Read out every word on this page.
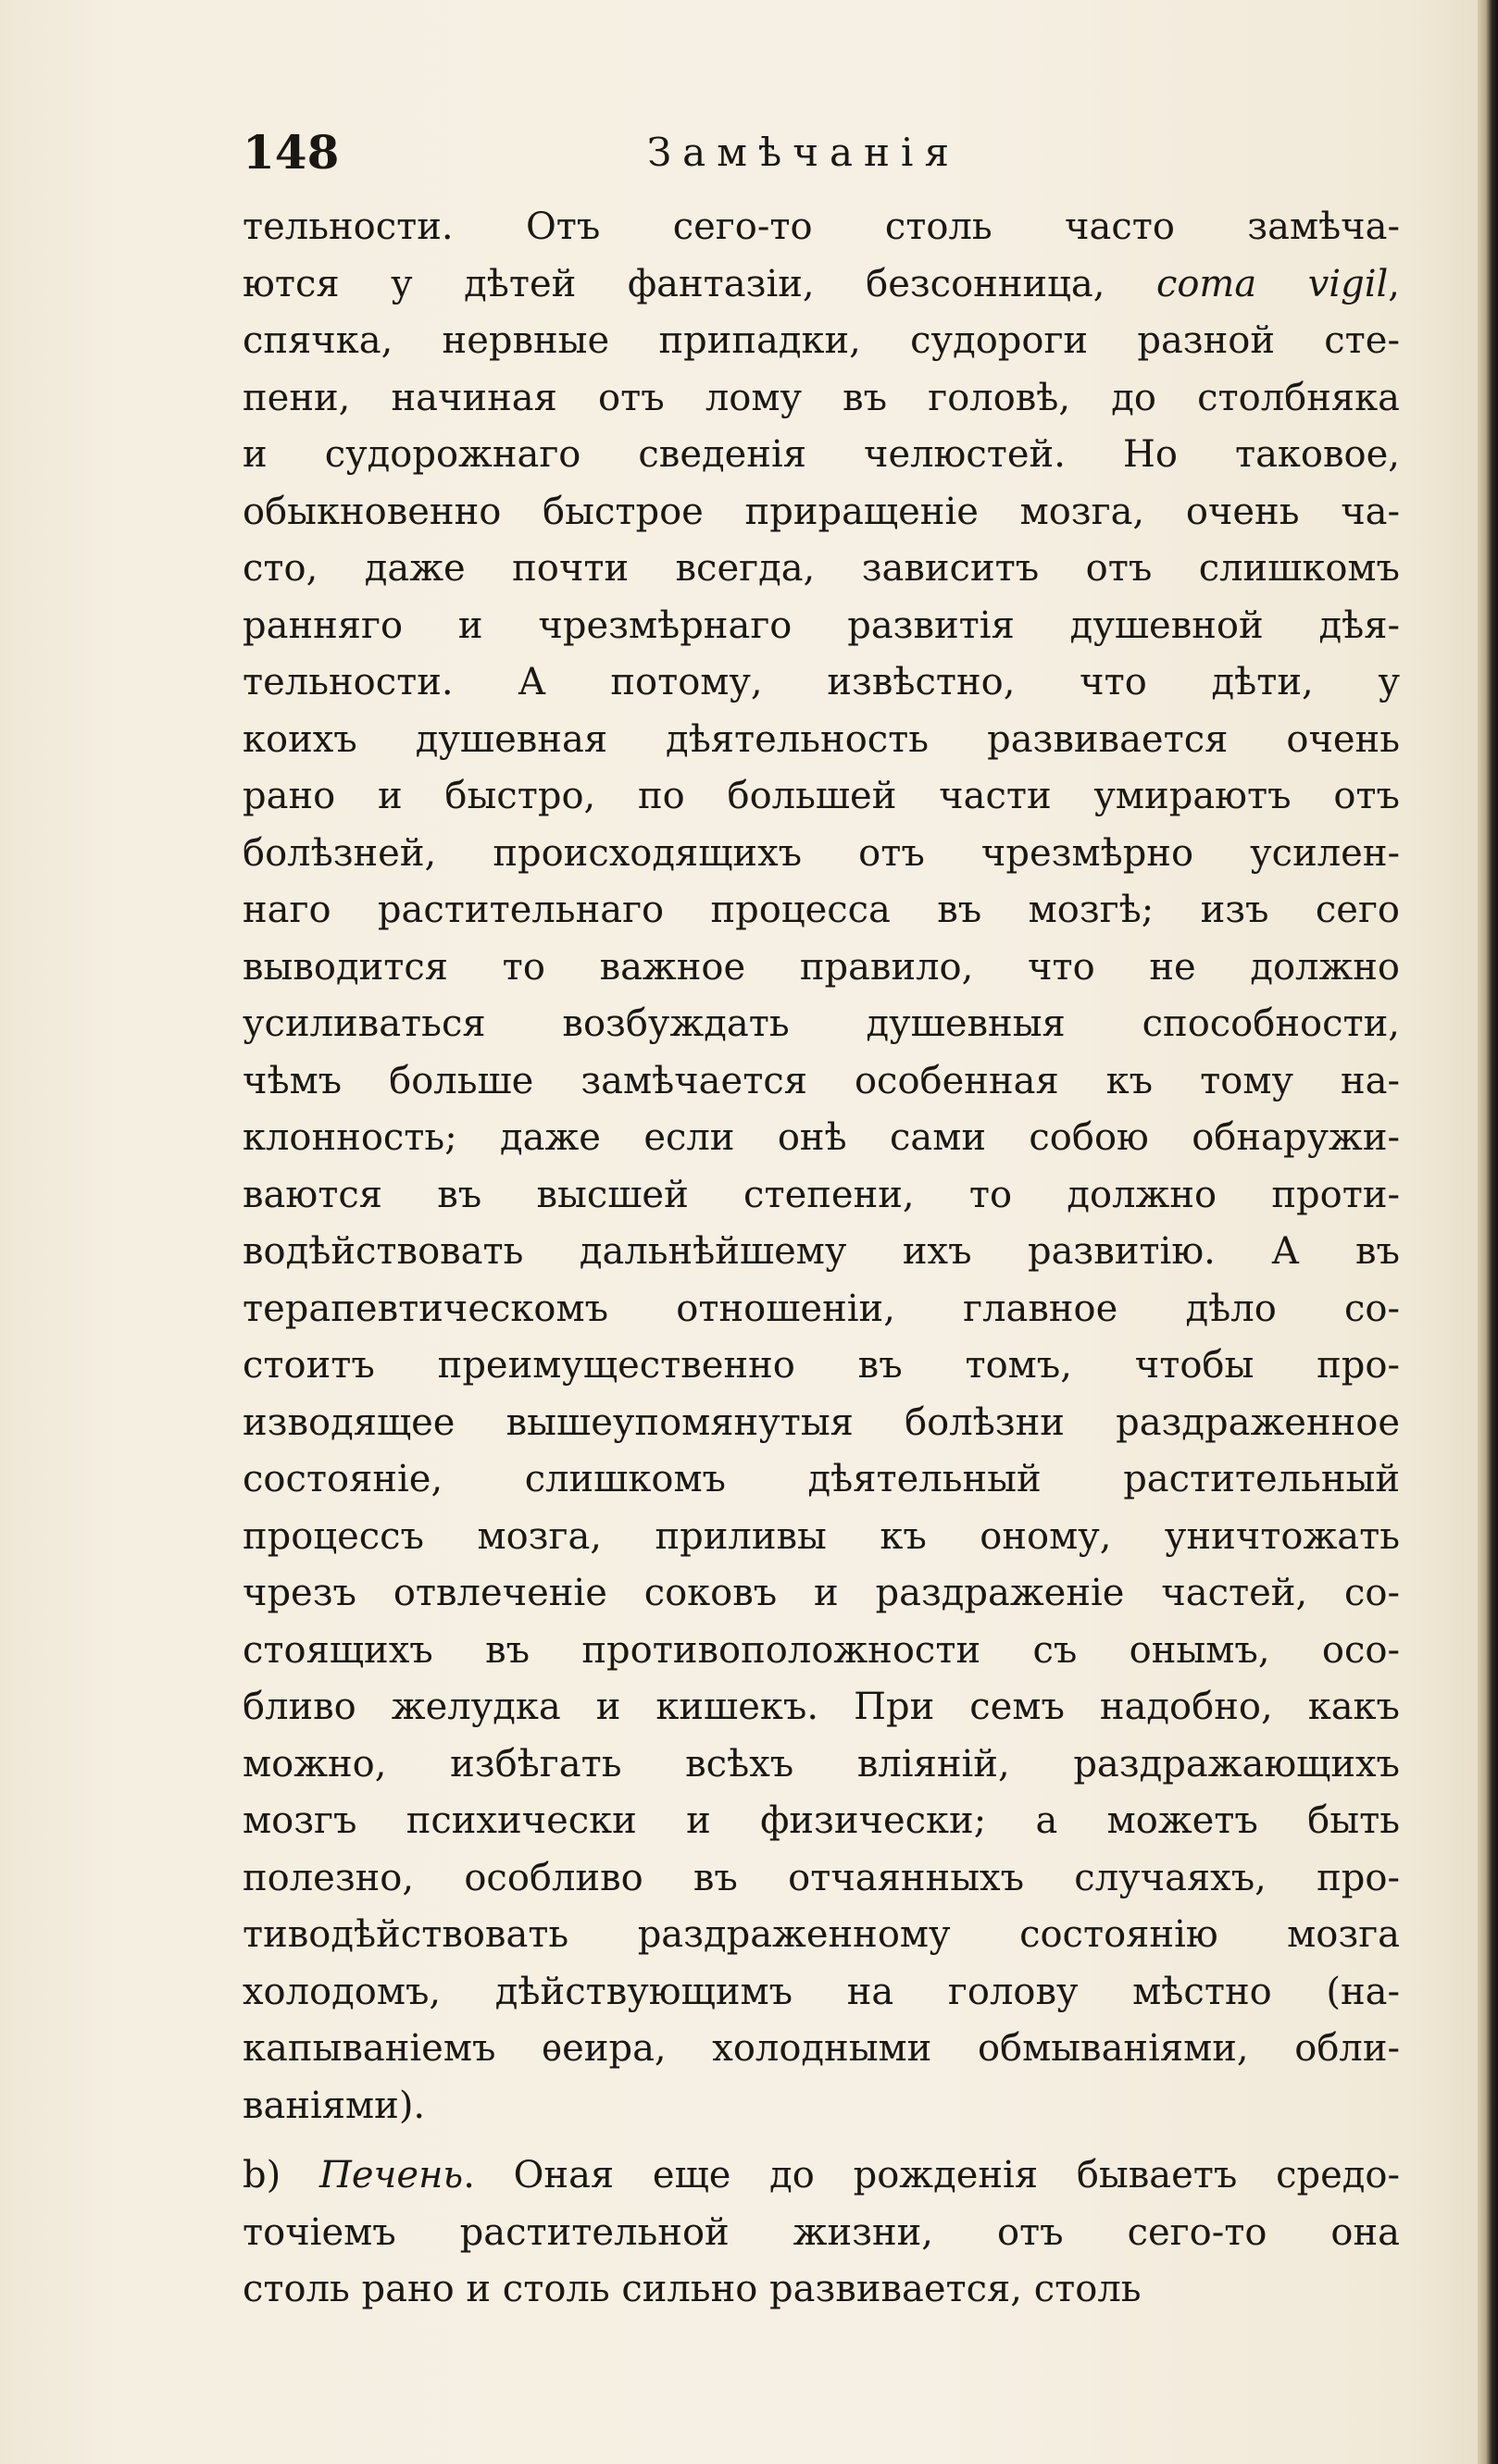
148	Замѣчанія
тельности. Отъ сего-то столь часто замѣча-
ются у дѣтей фантазіи, безсонница, coma vigil,
спячка, нервные припадки, судороги разной сте-
пени, начиная отъ лому въ головѣ, до столбняка
и судорожнаго сведенія челюстей. Но таковое,
обыкновенно быстрое приращеніе мозга, очень ча-
сто, даже почти всегда, зависитъ отъ слишкомъ
ранняго и чрезмѣрнаго развитія душевной дѣя-
тельности. А потому, извѣстно, что дѣти, у
коихъ душевная дѣятельность развивается очень
рано и быстро, по большей части умираютъ отъ
болѣзней, происходящихъ отъ чрезмѣрно усилен-
наго растительнаго процесса въ мозгѣ; изъ сего
выводится то важное правило, что не должно
усиливаться возбуждать душевныя способности,
чѣмъ больше замѣчается особенная къ тому на-
клонность; даже если онѣ сами собою обнаружи-
ваются въ высшей степени, то должно проти-
водѣйствовать дальнѣйшему ихъ развитію. А въ
терапевтическомъ отношеніи, главное дѣло со-
стоитъ преимущественно въ томъ, чтобы про-
изводящее вышеупомянутыя болѣзни раздраженное
состояніе, слишкомъ дѣятельный растительный
процессъ мозга, приливы къ оному, уничтожать
чрезъ отвлеченіе соковъ и раздраженіе частей, со-
стоящихъ въ противоположности съ онымъ, осо-
бливо желудка и кишекъ. При семъ надобно, какъ
можно, избѣгать всѣхъ вліяній, раздражающихъ
мозгъ психически и физически; а можетъ быть
полезно, особливо въ отчаянныхъ случаяхъ, про-
тиводѣйствовать раздраженному состоянію мозга
холодомъ, дѣйствующимъ на голову мѣстно (на-
капываніемъ ѳеира, холодными обмываніями, обли-
ваніями).
b) Печень. Оная еще до рожденія бываетъ средо-
точіемъ растительной жизни, отъ сего-то она
столь рано и столь сильно развивается, столь
